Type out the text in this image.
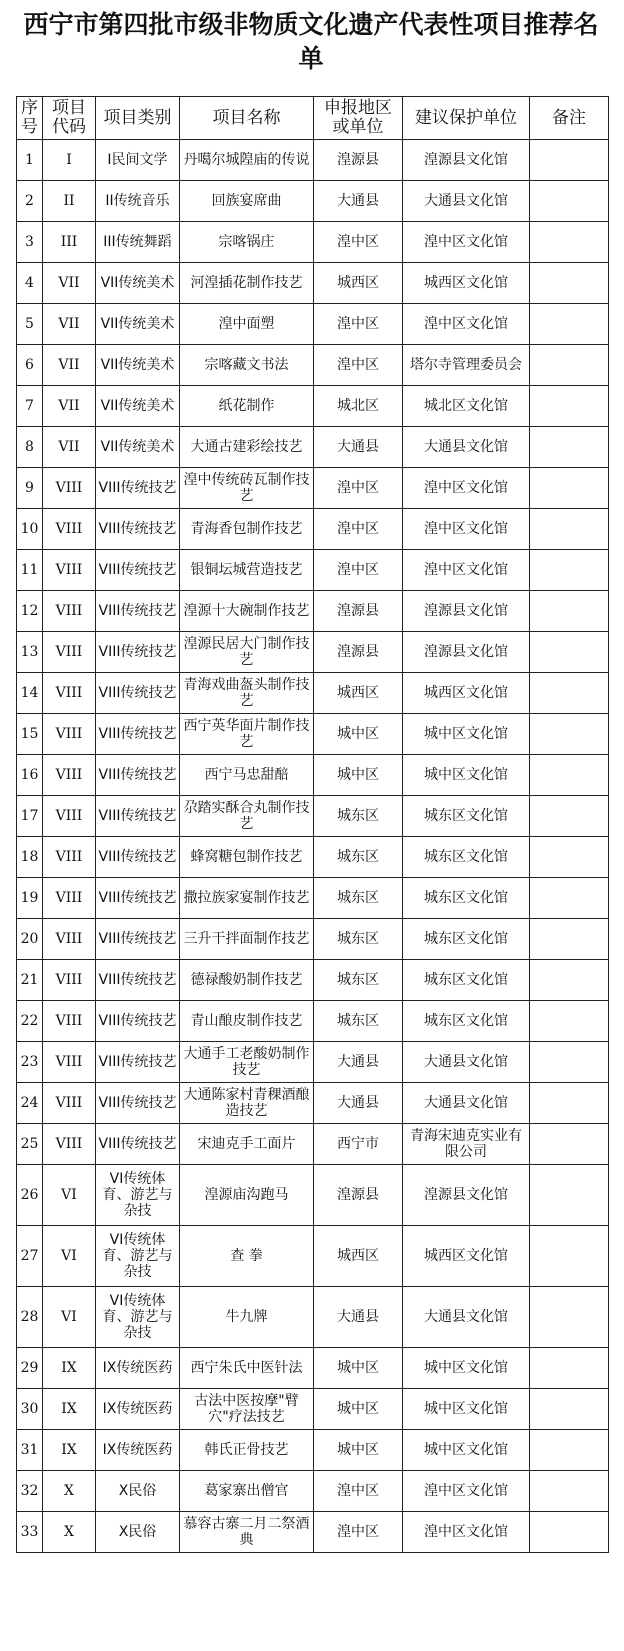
西宁市第四批市级非物质文化遗产代表性项目推荐名单
序号	项目代码	项目类别	项目名称	申报地区或单位	建议保护单位	备注
1	I	I民间文学	丹噶尔城隍庙的传说	湟源县	湟源县文化馆	
2	II	II传统音乐	回族宴席曲	大通县	大通县文化馆	
3	III	III传统舞蹈	宗喀锅庄	湟中区	湟中区文化馆	
4	VII	VII传统美术	河湟插花制作技艺	城西区	城西区文化馆	
5	VII	VII传统美术	湟中面塑	湟中区	湟中区文化馆	
6	VII	VII传统美术	宗喀藏文书法	湟中区	塔尔寺管理委员会	
7	VII	VII传统美术	纸花制作	城北区	城北区文化馆	
8	VII	VII传统美术	大通古建彩绘技艺	大通县	大通县文化馆	
9	VIII	VIII传统技艺	湟中传统砖瓦制作技艺	湟中区	湟中区文化馆	
10	VIII	VIII传统技艺	青海香包制作技艺	湟中区	湟中区文化馆	
11	VIII	VIII传统技艺	银铜坛城营造技艺	湟中区	湟中区文化馆	
12	VIII	VIII传统技艺	湟源十大碗制作技艺	湟源县	湟源县文化馆	
13	VIII	VIII传统技艺	湟源民居大门制作技艺	湟源县	湟源县文化馆	
14	VIII	VIII传统技艺	青海戏曲盔头制作技艺	城西区	城西区文化馆	
15	VIII	VIII传统技艺	西宁英华面片制作技艺	城中区	城中区文化馆	
16	VIII	VIII传统技艺	西宁马忠甜醅	城中区	城中区文化馆	
17	VIII	VIII传统技艺	尕踏实酥合丸制作技艺	城东区	城东区文化馆	
18	VIII	VIII传统技艺	蜂窝糖包制作技艺	城东区	城东区文化馆	
19	VIII	VIII传统技艺	撒拉族家宴制作技艺	城东区	城东区文化馆	
20	VIII	VIII传统技艺	三升干拌面制作技艺	城东区	城东区文化馆	
21	VIII	VIII传统技艺	德禄酸奶制作技艺	城东区	城东区文化馆	
22	VIII	VIII传统技艺	青山酿皮制作技艺	城东区	城东区文化馆	
23	VIII	VIII传统技艺	大通手工老酸奶制作技艺	大通县	大通县文化馆	
24	VIII	VIII传统技艺	大通陈家村青稞酒酿造技艺	大通县	大通县文化馆	
25	VIII	VIII传统技艺	宋迪克手工面片	西宁市	青海宋迪克实业有限公司	
26	VI	VI传统体育、游艺与杂技	湟源庙沟跑马	湟源县	湟源县文化馆	
27	VI	VI传统体育、游艺与杂技	查 拳	城西区	城西区文化馆	
28	VI	VI传统体育、游艺与杂技	牛九牌	大通县	大通县文化馆	
29	IX	IX传统医药	西宁朱氏中医针法	城中区	城中区文化馆	
30	IX	IX传统医药	古法中医按摩"臂穴"疗法技艺	城中区	城中区文化馆	
31	IX	IX传统医药	韩氏正骨技艺	城中区	城中区文化馆	
32	X	X民俗	葛家寨出僧官	湟中区	湟中区文化馆	
33	X	X民俗	慕容古寨二月二祭酒典	湟中区	湟中区文化馆	
